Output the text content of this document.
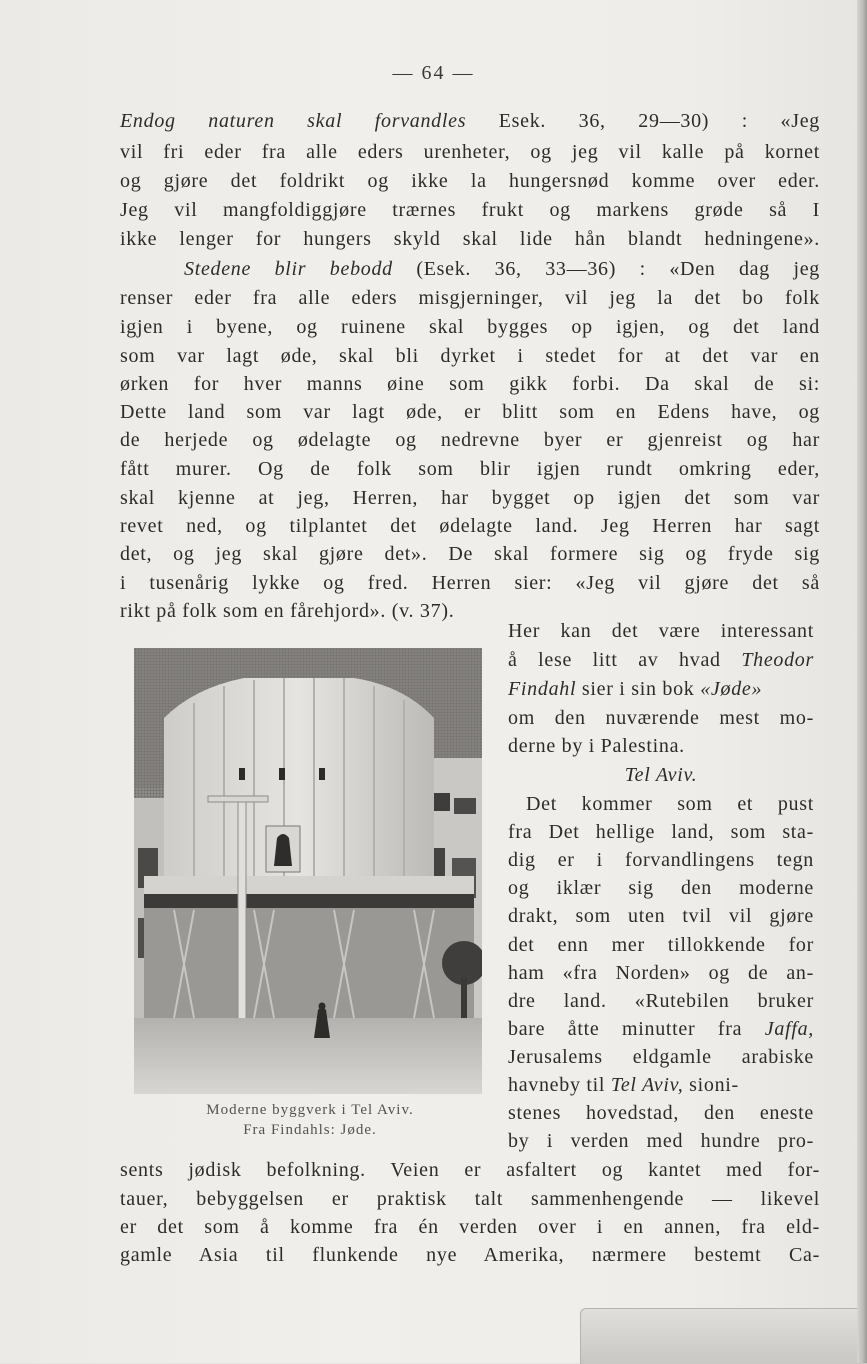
— 64 —
Endog naturen skal forvandles Esek. 36, 29—30) : «Jeg
vil fri eder fra alle eders urenheter, og jeg vil kalle på kornet
og gjøre det foldrikt og ikke la hungersnød komme over eder.
Jeg vil mangfoldiggjøre trærnes frukt og markens grøde så I
ikke lenger for hungers skyld skal lide hån blandt hedningene».
Stedene blir bebodd (Esek. 36, 33—36) : «Den dag jeg
renser eder fra alle eders misgjerninger, vil jeg la det bo folk
igjen i byene, og ruinene skal bygges op igjen, og det land
som var lagt øde, skal bli dyrket i stedet for at det var en
ørken for hver manns øine som gikk forbi. Da skal de si:
Dette land som var lagt øde, er blitt som en Edens have, og
de herjede og ødelagte og nedrevne byer er gjenreist og har
fått murer. Og de folk som blir igjen rundt omkring eder,
skal kjenne at jeg, Herren, har bygget op igjen det som var
revet ned, og tilplantet det ødelagte land. Jeg Herren har sagt
det, og jeg skal gjøre det». De skal formere sig og fryde sig
i tusenårig lykke og fred. Herren sier: «Jeg vil gjøre det så
rikt på folk som en fårehjord». (v. 37).
Moderne byggverk i Tel Aviv.
Fra Findahls: Jøde.
Her kan det være interessant
å lese litt av hvad Theodor
Findahl sier i sin bok «Jøde»
om den nuværende mest mo-
derne by i Palestina.
Tel Aviv.
Det kommer som et pust
fra Det hellige land, som sta-
dig er i forvandlingens tegn
og iklær sig den moderne
drakt, som uten tvil vil gjøre
det enn mer tillokkende for
ham «fra Norden» og de an-
dre land. «Rutebilen bruker
bare åtte minutter fra Jaffa,
Jerusalems eldgamle arabiske
havneby til Tel Aviv, sioni-
stenes hovedstad, den eneste
by i verden med hundre pro-
sents jødisk befolkning. Veien er asfaltert og kantet med for-
tauer, bebyggelsen er praktisk talt sammenhengende — likevel
er det som å komme fra én verden over i en annen, fra eld-
gamle Asia til flunkende nye Amerika, nærmere bestemt Ca-
